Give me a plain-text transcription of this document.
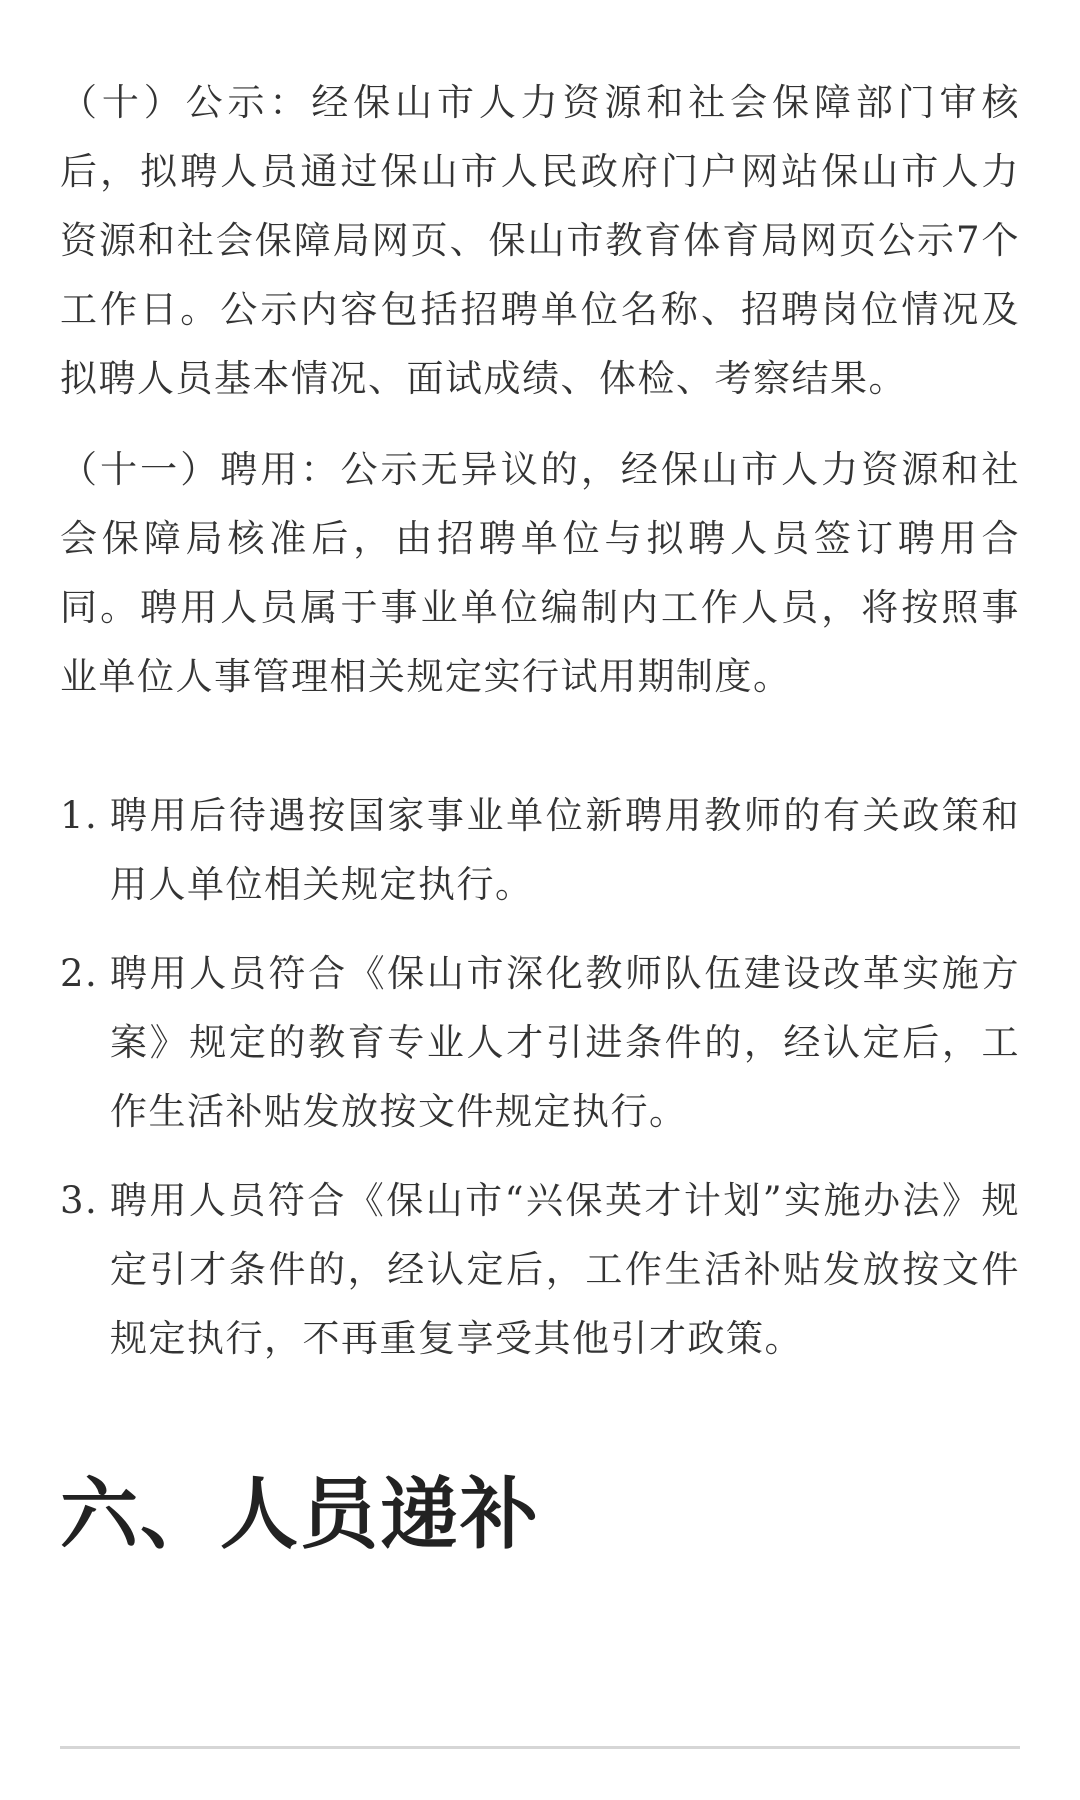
（十）公示：经保山市人力资源和社会保障部门审核后，拟聘人员通过保山市人民政府门户网站保山市人力资源和社会保障局网页、保山市教育体育局网页公示7个工作日。公示内容包括招聘单位名称、招聘岗位情况及拟聘人员基本情况、面试成绩、体检、考察结果。

（十一）聘用：公示无异议的，经保山市人力资源和社会保障局核准后，由招聘单位与拟聘人员签订聘用合同。聘用人员属于事业单位编制内工作人员，将按照事业单位人事管理相关规定实行试用期制度。

1. 聘用后待遇按国家事业单位新聘用教师的有关政策和用人单位相关规定执行。
2. 聘用人员符合《保山市深化教师队伍建设改革实施方案》规定的教育专业人才引进条件的，经认定后，工作生活补贴发放按文件规定执行。
3. 聘用人员符合《保山市“兴保英才计划”实施办法》规定引才条件的，经认定后，工作生活补贴发放按文件规定执行，不再重复享受其他引才政策。
六、人员递补
